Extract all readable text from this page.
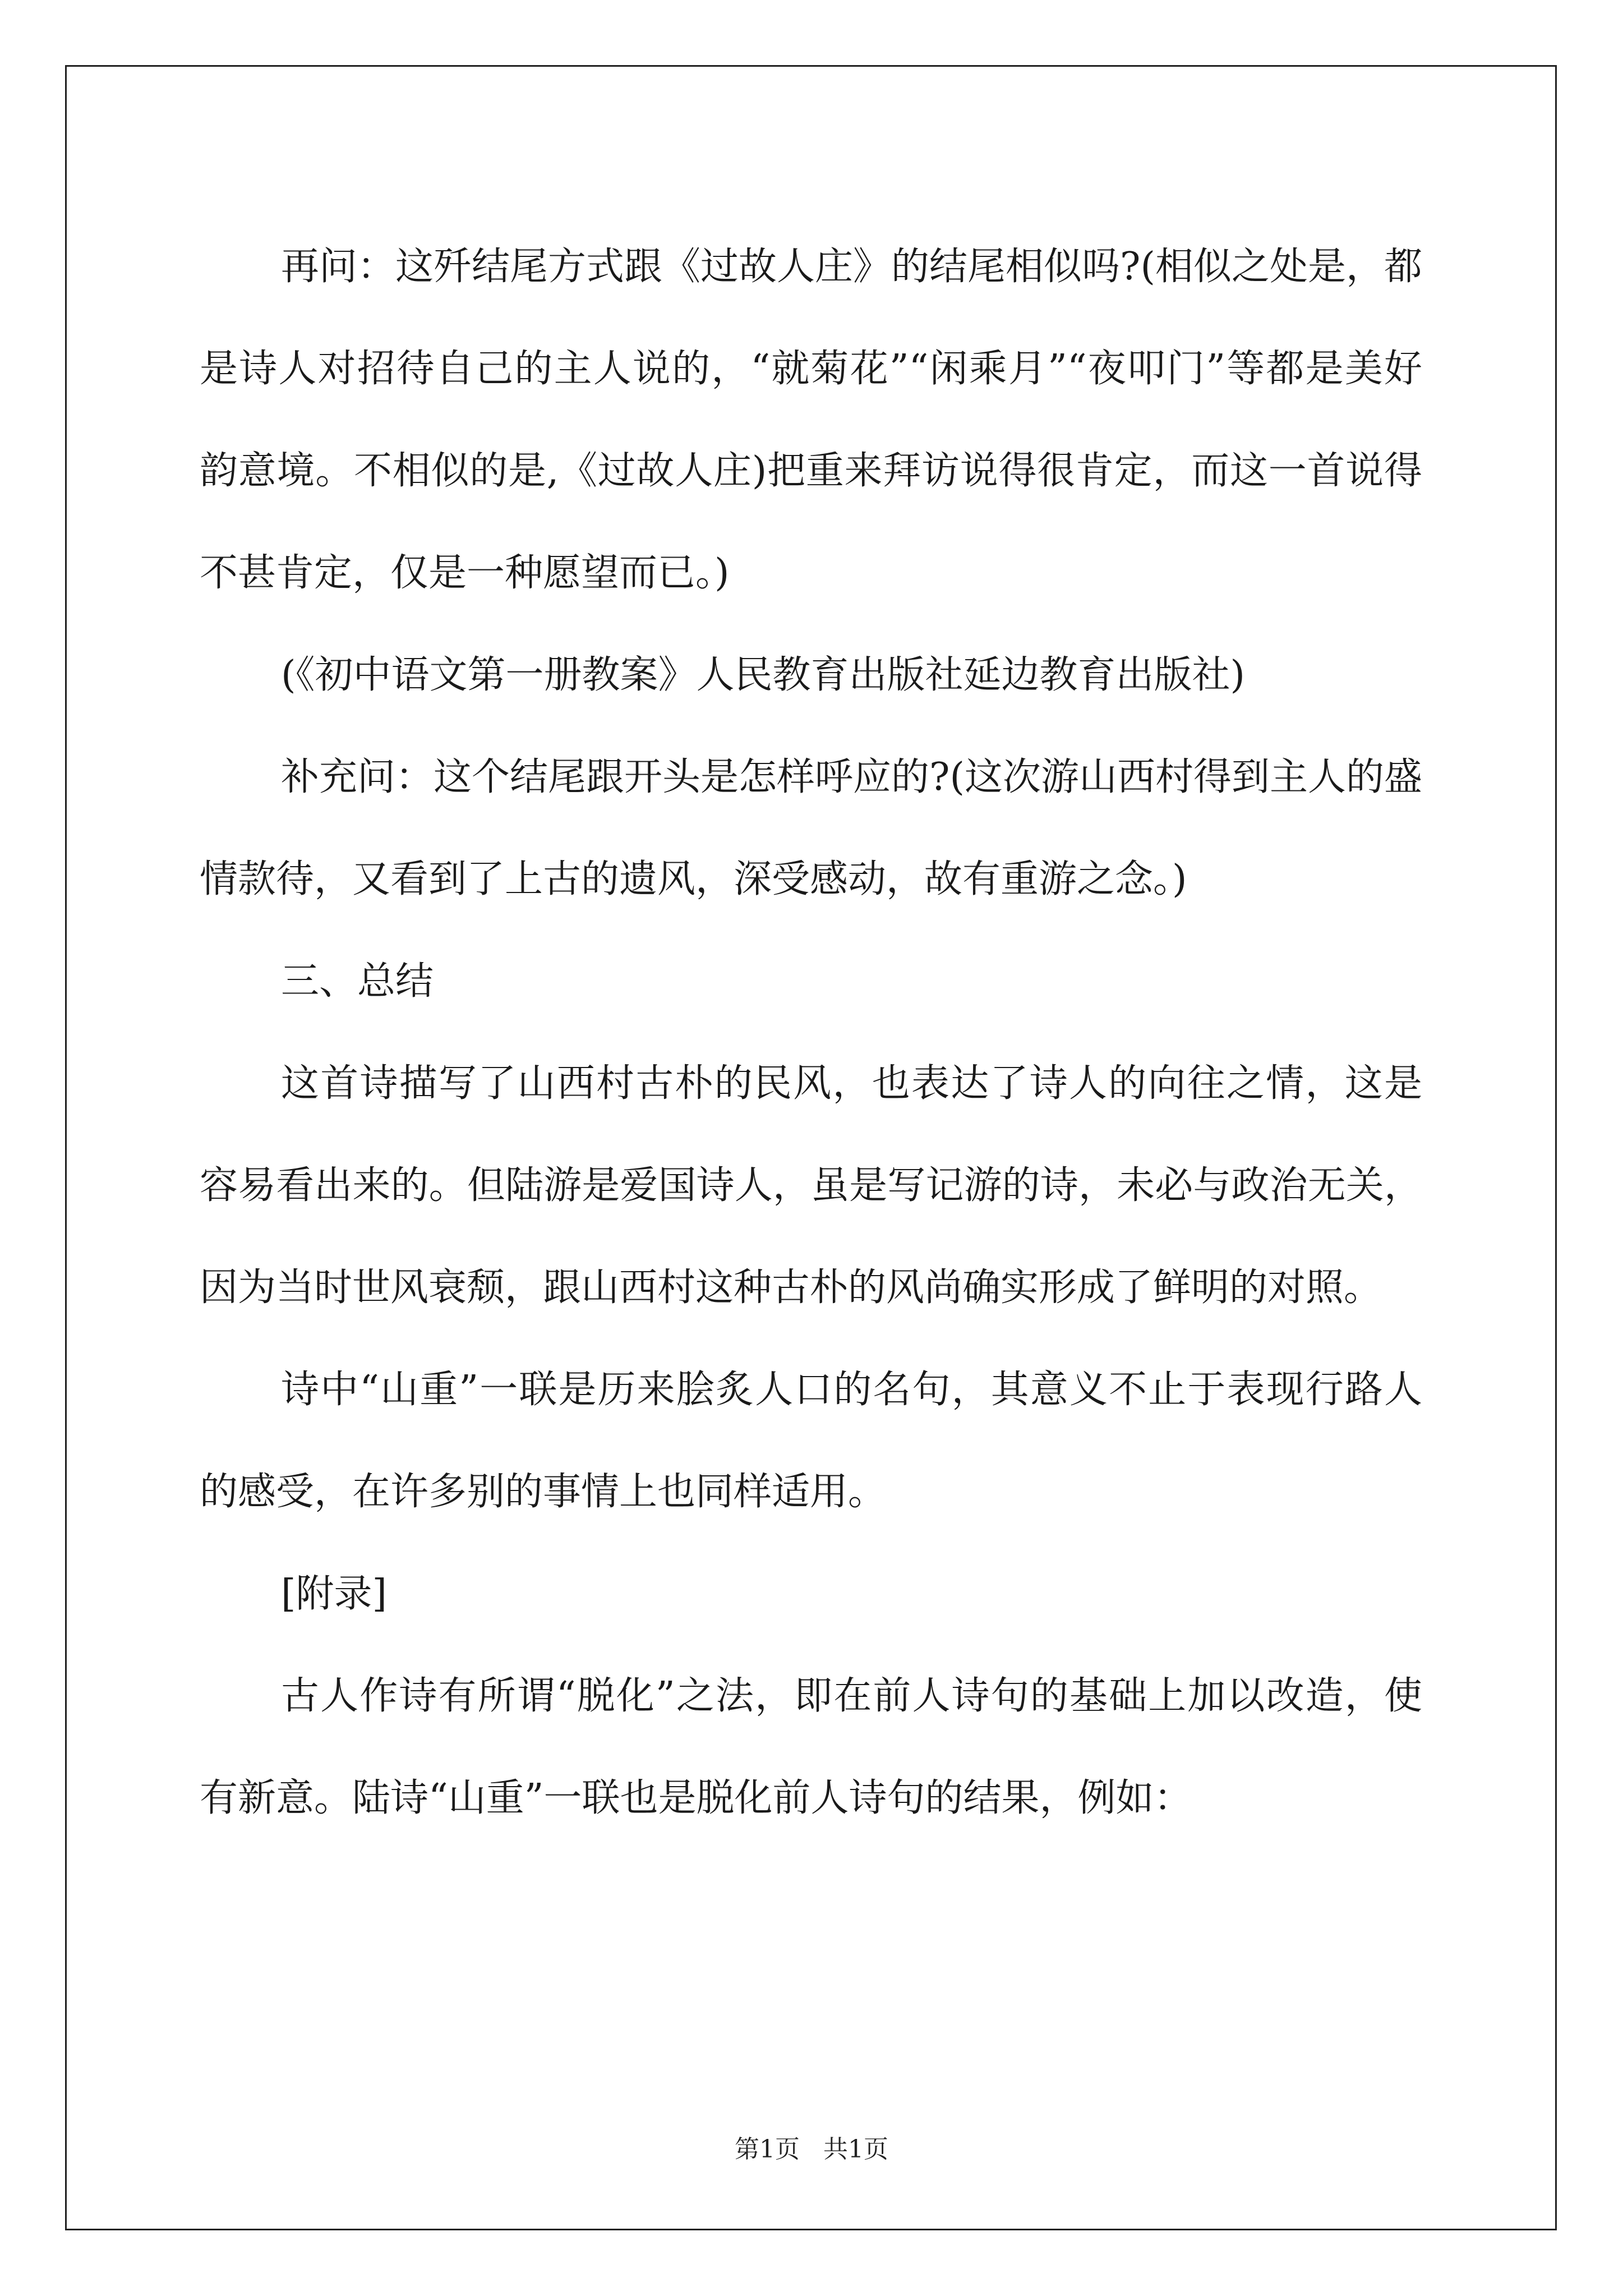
再问：这歼结尾方式跟《过故人庄》的结尾相似吗?(相似之处是，都是诗人对招待自己的主人说的，“就菊花”“闲乘月”“夜叩门”等都是美好韵意境。不相似的是,《过故人庄)把重来拜访说得很肯定，而这一首说得不甚肯定，仅是一种愿望而已。)

(《初中语文第一册教案》人民教育出版社延边教育出版社)

补充问：这个结尾跟开头是怎样呼应的?(这次游山西村得到主人的盛情款待，又看到了上古的遗风，深受感动，故有重游之念。)

三、总结

这首诗描写了山西村古朴的民风，也表达了诗人的向往之情，这是容易看出来的。但陆游是爱国诗人，虽是写记游的诗，未必与政治无关，因为当时世风衰颓，跟山西村这种古朴的风尚确实形成了鲜明的对照。

诗中“山重”一联是历来脍炙人口的名句，其意义不止于表现行路人的感受，在许多别的事情上也同样适用。

[附录]

古人作诗有所谓“脱化”之法，即在前人诗句的基础上加以改造，使有新意。陆诗“山重”一联也是脱化前人诗句的结果，例如：

第1页 共1页
